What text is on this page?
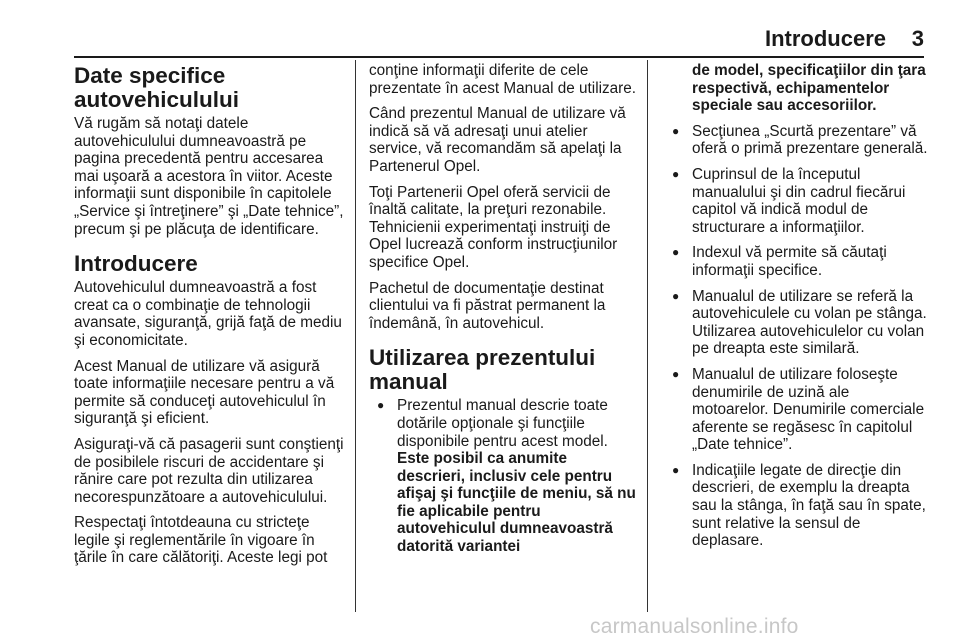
Introducere 3
Date specifice autovehiculului

Vă rugăm să notaţi datele autovehiculului dumneavoastră pe pagina precedentă pentru accesarea mai uşoară a acestora în viitor. Aceste informaţii sunt disponibile în capitolele „Service şi întreţinere” şi „Date tehnice”, precum şi pe plăcuţa de identificare.

Introducere

Autovehiculul dumneavoastră a fost creat ca o combinaţie de tehnologii avansate, siguranţă, grijă faţă de mediu şi economicitate.

Acest Manual de utilizare vă asigură toate informaţiile necesare pentru a vă permite să conduceţi autovehiculul în siguranţă şi eficient.

Asiguraţi-vă că pasagerii sunt conştienţi de posibilele riscuri de accidentare şi rănire care pot rezulta din utilizarea necorespunzătoare a autovehiculului.

Respectaţi întotdeauna cu stricteţe legile şi reglementările în vigoare în ţările în care călătoriţi. Aceste legi pot

conţine informaţii diferite de cele prezentate în acest Manual de utilizare.

Când prezentul Manual de utilizare vă indică să vă adresaţi unui atelier service, vă recomandăm să apelaţi la Partenerul Opel.

Toţi Partenerii Opel oferă servicii de înaltă calitate, la preţuri rezonabile. Tehnicienii experimentaţi instruiţi de Opel lucrează conform instrucţiunilor specifice Opel.

Pachetul de documentaţie destinat clientului va fi păstrat permanent la îndemână, în autovehicul.

Utilizarea prezentului manual
● Prezentul manual descrie toate dotările opţionale şi funcţiile disponibile pentru acest model. Este posibil ca anumite descrieri, inclusiv cele pentru afişaj şi funcţiile de meniu, să nu fie aplicabile pentru autovehiculul dumneavoastră datorită variantei
de model, specificaţiilor din ţara respectivă, echipamentelor speciale sau accesoriilor.
● Secţiunea „Scurtă prezentare” vă oferă o primă prezentare generală.
● Cuprinsul de la începutul manualului şi din cadrul fiecărui capitol vă indică modul de structurare a informaţiilor.
● Indexul vă permite să căutaţi informaţii specifice.
● Manualul de utilizare se referă la autovehiculele cu volan pe stânga. Utilizarea autovehiculelor cu volan pe dreapta este similară.
● Manualul de utilizare foloseşte denumirile de uzină ale motoarelor. Denumirile comerciale aferente se regăsesc în capitolul „Date tehnice”.
● Indicaţiile legate de direcţie din descrieri, de exemplu la dreapta sau la stânga, în faţă sau în spate, sunt relative la sensul de deplasare.
carmanualsonline.info
